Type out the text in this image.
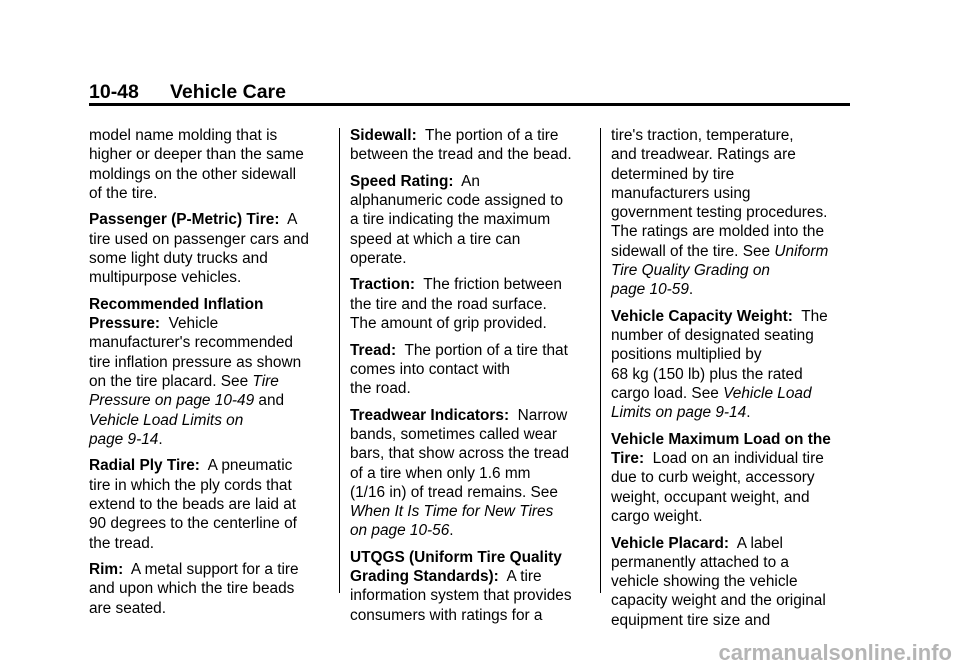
10-48 Vehicle Care
model name molding that is
higher or deeper than the same
moldings on the other sidewall
of the tire.
Passenger (P-Metric) Tire: A
tire used on passenger cars and
some light duty trucks and
multipurpose vehicles.
Recommended Inflation
Pressure: Vehicle
manufacturer's recommended
tire inflation pressure as shown
on the tire placard. See Tire
Pressure on page 10-49 and
Vehicle Load Limits on
page 9-14.
Radial Ply Tire: A pneumatic
tire in which the ply cords that
extend to the beads are laid at
90 degrees to the centerline of
the tread.
Rim: A metal support for a tire
and upon which the tire beads
are seated.
Sidewall: The portion of a tire
between the tread and the bead.
Speed Rating: An
alphanumeric code assigned to
a tire indicating the maximum
speed at which a tire can
operate.
Traction: The friction between
the tire and the road surface.
The amount of grip provided.
Tread: The portion of a tire that
comes into contact with
the road.
Treadwear Indicators: Narrow
bands, sometimes called wear
bars, that show across the tread
of a tire when only 1.6 mm
(1/16 in) of tread remains. See
When It Is Time for New Tires
on page 10-56.
UTQGS (Uniform Tire Quality
Grading Standards): A tire
information system that provides
consumers with ratings for a
tire's traction, temperature,
and treadwear. Ratings are
determined by tire
manufacturers using
government testing procedures.
The ratings are molded into the
sidewall of the tire. See Uniform
Tire Quality Grading on
page 10-59.
Vehicle Capacity Weight: The
number of designated seating
positions multiplied by
68 kg (150 lb) plus the rated
cargo load. See Vehicle Load
Limits on page 9-14.
Vehicle Maximum Load on the
Tire: Load on an individual tire
due to curb weight, accessory
weight, occupant weight, and
cargo weight.
Vehicle Placard: A label
permanently attached to a
vehicle showing the vehicle
capacity weight and the original
equipment tire size and
carmanualsonline.info
